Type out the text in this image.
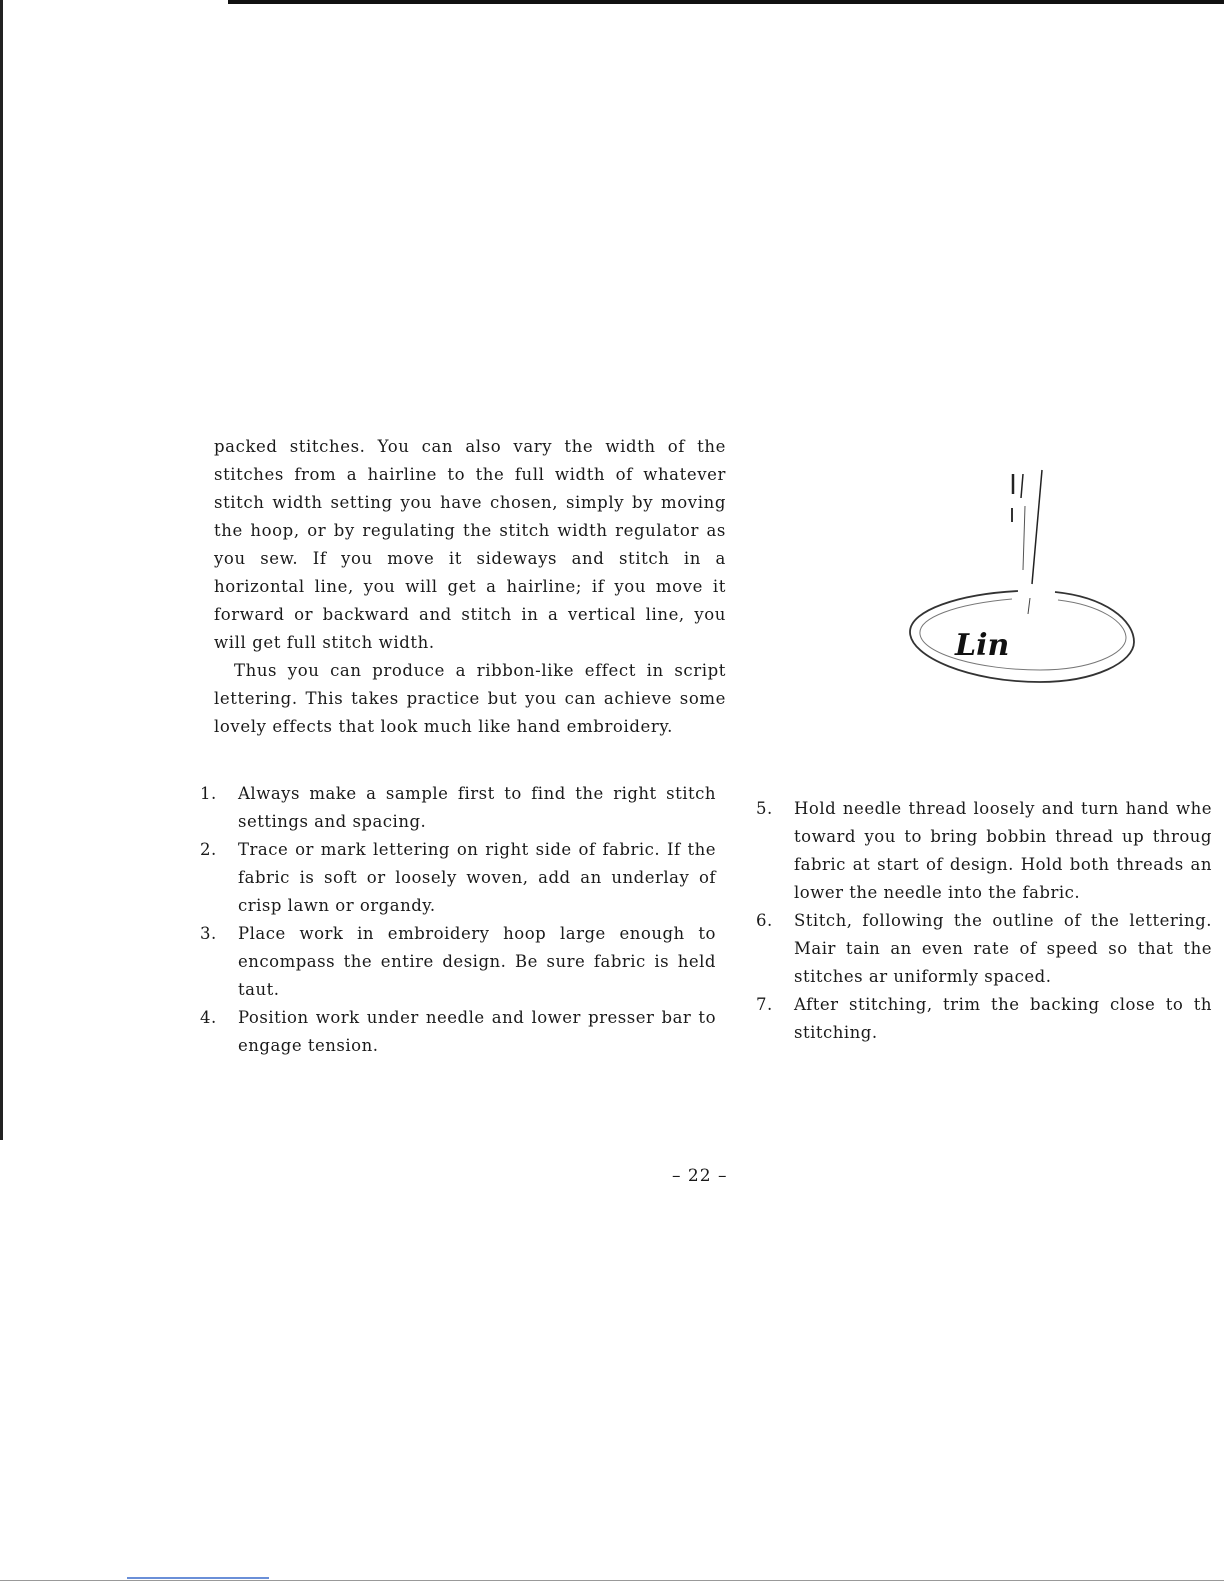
packed stitches. You can also vary the width of the stitches from a hairline to the full width of whatever stitch width setting you have chosen, simply by moving the hoop, or by regulating the stitch width regulator as you sew. If you move it sideways and stitch in a horizontal line, you will get a hairline; if you move it forward or backward and stitch in a vertical line, you will get full stitch width.

Thus you can produce a ribbon-like effect in script lettering. This takes practice but you can achieve some lovely effects that look much like hand embroidery.

Lin
1.	Always make a sample first to find the right stitch settings and spacing.
2.	Trace or mark lettering on right side of fabric. If the fabric is soft or loosely woven, add an underlay of crisp lawn or organdy.
3.	Place work in embroidery hoop large enough to encompass the entire design. Be sure fabric is held taut.
4.	Position work under needle and lower presser bar to engage tension.
5.	Hold needle thread loosely and turn hand whe toward you to bring bobbin thread up throug fabric at start of design. Hold both threads an lower the needle into the fabric.
6.	Stitch, following the outline of the lettering. Mair tain an even rate of speed so that the stitches ar uniformly spaced.
7.	After stitching, trim the backing close to th stitching.
– 22 –
